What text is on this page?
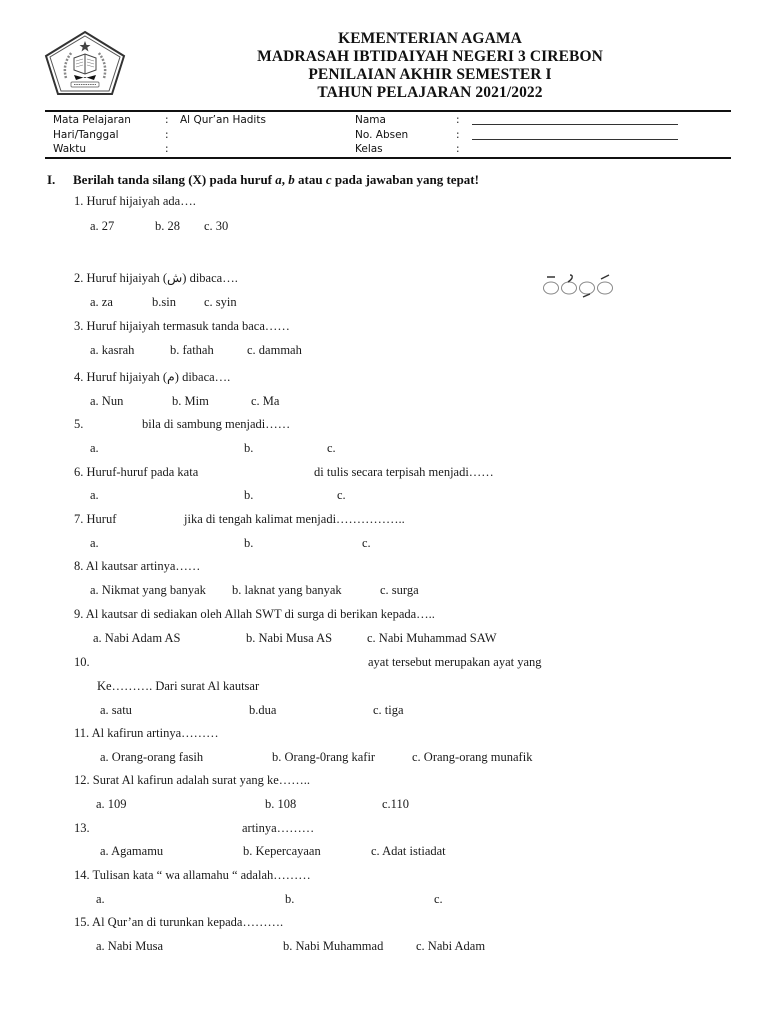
KEMENTERIAN AGAMA
MADRASAH IBTIDAIYAH NEGERI 3 CIREBON
PENILAIAN AKHIR SEMESTER I
TAHUN PELAJARAN 2021/2022
Mata Pelajaran	: Al Qur’an Hadits	Nama	:
Hari/Tanggal	:	No. Absen	:
Waktu	:	Kelas	:
I. Berilah tanda silang (X) pada huruf a, b atau c pada jawaban yang tepat!
1. Huruf hijaiyah ada….
a. 27	b. 28 c. 30
2. Huruf hijaiyah (ش) dibaca….
a. za	b.sin c. syin
3. Huruf hijaiyah termasuk tanda baca……
a. kasrah	b. fathah	c. dammah
4. Huruf hijaiyah (م) dibaca….
a. Nun	b. Mim	c. Ma
5.	bila di sambung menjadi……
a.	b.	c.
6. Huruf-huruf pada kata	di tulis secara terpisah menjadi……
a.	b.	c.
7. Huruf	jika di tengah kalimat menjadi……………..
a.	b.	c.
8. Al kautsar artinya……
a. Nikmat yang banyak b. laknat yang banyak	c. surga
9. Al kautsar di sediakan oleh Allah SWT di surga di berikan kepada…..
a. Nabi Adam AS	b. Nabi Musa AS	c. Nabi Muhammad SAW
10.	ayat tersebut merupakan ayat yang
Ke………. Dari surat Al kautsar
a. satu	b.dua	c. tiga
11. Al kafirun artinya………
a. Orang-orang fasih	b. Orang-0rang kafir	c. Orang-orang munafik
12. Surat Al kafirun adalah surat yang ke……..
a. 109	b. 108	c.110
13.	artinya………
a. Agamamu	b. Kepercayaan	c. Adat istiadat
14. Tulisan kata “ wa allamahu “ adalah………
a.	b.	c.
15. Al Qur’an di turunkan kepada……….
a. Nabi Musa	b. Nabi Muhammad	c. Nabi Adam
